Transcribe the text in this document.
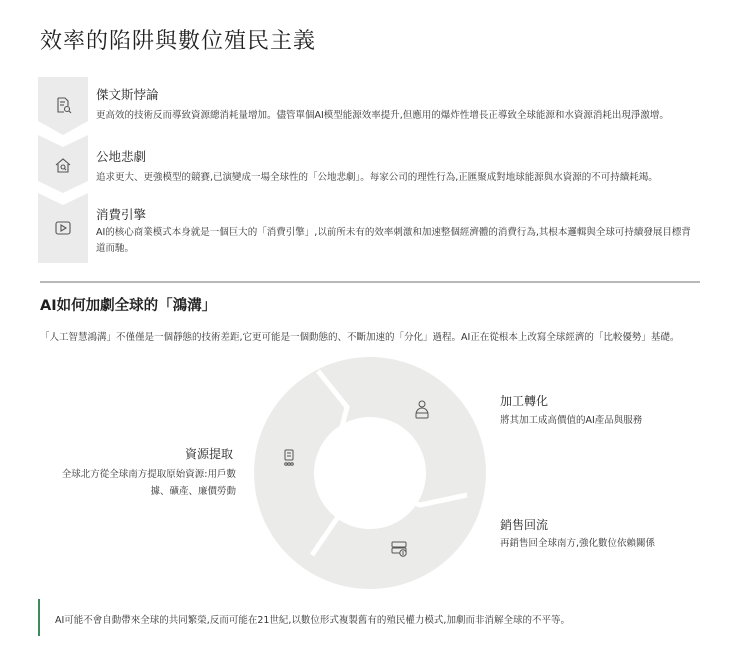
效率的陷阱與數位殖民主義
傑文斯悖論
更高效的技術反而導致資源總消耗量增加。儘管單個AI模型能源效率提升,但應用的爆炸性增長正導致全球能源和水資源消耗出現淨激增。
公地悲劇
追求更大、更強模型的競賽,已演變成一場全球性的「公地悲劇」。每家公司的理性行為,正匯聚成對地球能源與水資源的不可持續耗竭。
消費引擎
AI的核心商業模式本身就是一個巨大的「消費引擎」,以前所未有的效率刺激和加速整個經濟體的消費行為,其根本邏輯與全球可持續發展目標背道而馳。
AI如何加劇全球的「鴻溝」
「人工智慧鴻溝」不僅僅是一個靜態的技術差距,它更可能是一個動態的、不斷加速的「分化」過程。AI正在從根本上改寫全球經濟的「比較優勢」基礎。
資源提取
全球北方從全球南方提取原始資源:用戶數
據、礦產、廉價勞動
加工轉化
將其加工成高價值的AI產品與服務
銷售回流
再銷售回全球南方,強化數位依賴關係
AI可能不會自動帶來全球的共同繁榮,反而可能在21世紀,以數位形式複製舊有的殖民權力模式,加劇而非消解全球的不平等。
